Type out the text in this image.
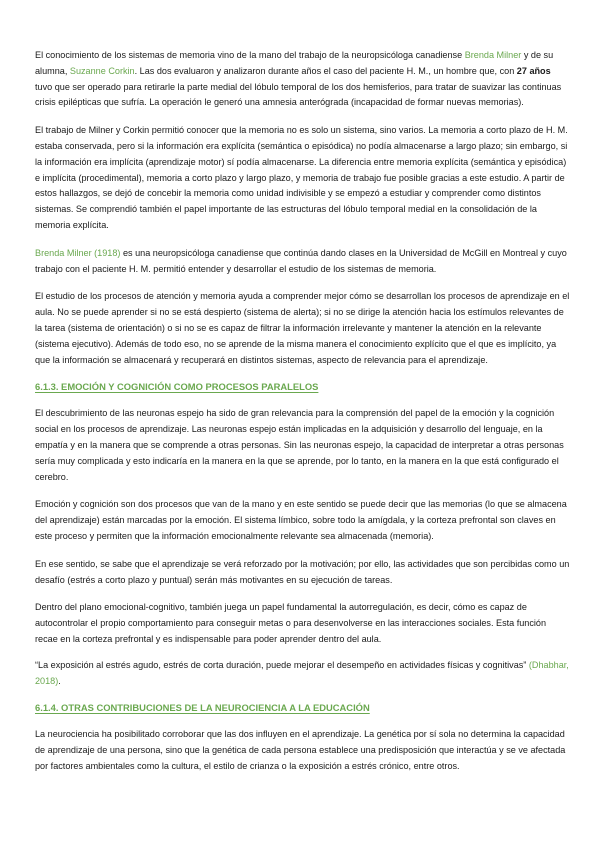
El conocimiento de los sistemas de memoria vino de la mano del trabajo de la neuropsicóloga canadiense Brenda Milner y de su alumna, Suzanne Corkin. Las dos evaluaron y analizaron durante años el caso del paciente H. M., un hombre que, con 27 años tuvo que ser operado para retirarle la parte medial del lóbulo temporal de los dos hemisferios, para tratar de suavizar las continuas crisis epilépticas que sufría. La operación le generó una amnesia anterógrada (incapacidad de formar nuevas memorias).

El trabajo de Milner y Corkin permitió conocer que la memoria no es solo un sistema, sino varios. La memoria a corto plazo de H. M. estaba conservada, pero si la información era explícita (semántica o episódica) no podía almacenarse a largo plazo; sin embargo, si la información era implícita (aprendizaje motor) sí podía almacenarse. La diferencia entre memoria explícita (semántica y episódica) e implícita (procedimental), memoria a corto plazo y largo plazo, y memoria de trabajo fue posible gracias a este estudio. A partir de estos hallazgos, se dejó de concebir la memoria como unidad indivisible y se empezó a estudiar y comprender como distintos sistemas. Se comprendió también el papel importante de las estructuras del lóbulo temporal medial en la consolidación de la memoria explícita.

Brenda Milner (1918) es una neuropsicóloga canadiense que continúa dando clases en la Universidad de McGill en Montreal y cuyo trabajo con el paciente H. M. permitió entender y desarrollar el estudio de los sistemas de memoria.

El estudio de los procesos de atención y memoria ayuda a comprender mejor cómo se desarrollan los procesos de aprendizaje en el aula. No se puede aprender si no se está despierto (sistema de alerta); si no se dirige la atención hacia los estímulos relevantes de la tarea (sistema de orientación) o si no se es capaz de filtrar la información irrelevante y mantener la atención en la relevante (sistema ejecutivo). Además de todo eso, no se aprende de la misma manera el conocimiento explícito que el que es implícito, ya que la información se almacenará y recuperará en distintos sistemas, aspecto de relevancia para el aprendizaje.

6.1.3. EMOCIÓN Y COGNICIÓN COMO PROCESOS PARALELOS

El descubrimiento de las neuronas espejo ha sido de gran relevancia para la comprensión del papel de la emoción y la cognición social en los procesos de aprendizaje. Las neuronas espejo están implicadas en la adquisición y desarrollo del lenguaje, en la empatía y en la manera que se comprende a otras personas. Sin las neuronas espejo, la capacidad de interpretar a otras personas sería muy complicada y esto indicaría en la manera en la que se aprende, por lo tanto, en la manera en la que está configurado el cerebro.

Emoción y cognición son dos procesos que van de la mano y en este sentido se puede decir que las memorias (lo que se almacena del aprendizaje) están marcadas por la emoción. El sistema límbico, sobre todo la amígdala, y la corteza prefrontal son claves en este proceso y permiten que la información emocionalmente relevante sea almacenada (memoria).

En ese sentido, se sabe que el aprendizaje se verá reforzado por la motivación; por ello, las actividades que son percibidas como un desafío (estrés a corto plazo y puntual) serán más motivantes en su ejecución de tareas.

Dentro del plano emocional-cognitivo, también juega un papel fundamental la autorregulación, es decir, cómo es capaz de autocontrolar el propio comportamiento para conseguir metas o para desenvolverse en las interacciones sociales. Esta función recae en la corteza prefrontal y es indispensable para poder aprender dentro del aula.

“La exposición al estrés agudo, estrés de corta duración, puede mejorar el desempeño en actividades físicas y cognitivas” (Dhabhar, 2018).

6.1.4. OTRAS CONTRIBUCIONES DE LA NEUROCIENCIA A LA EDUCACIÓN

La neurociencia ha posibilitado corroborar que las dos influyen en el aprendizaje. La genética por sí sola no determina la capacidad de aprendizaje de una persona, sino que la genética de cada persona establece una predisposición que interactúa y se ve afectada por factores ambientales como la cultura, el estilo de crianza o la exposición a estrés crónico, entre otros.
